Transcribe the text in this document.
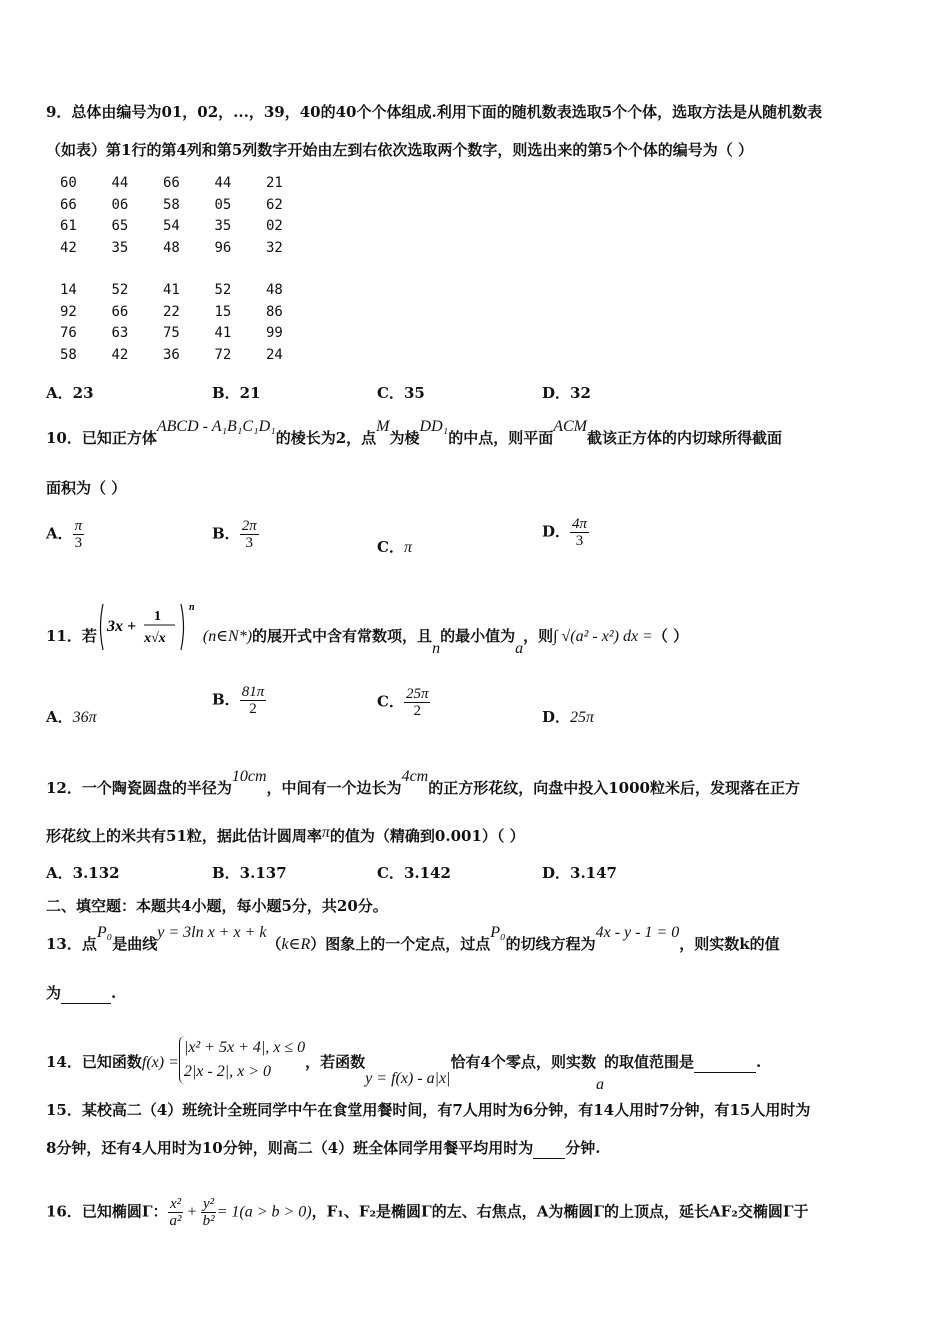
9．总体由编号为01，02，...，39，40的40个个体组成.利用下面的随机数表选取5个个体，选取方法是从随机数表
（如表）第1行的第4列和第5列数字开始由左到右依次选取两个数字，则选出来的第5个个体的编号为（ ）
60 44 66 44 21
66 06 58 05 62
61 65 54 35 02
42 35 48 96 32
14 52 41 52 48
92 66 22 15 86
76 63 75 41 99
58 42 36 72 24
A．23	B．21	C．35	D．32
10．已知正方体ABCD - A₁B₁C₁D₁的棱长为2，点M为棱DD₁的中点，则平面ACM截该正方体的内切球所得截面
面积为（ ）
A． $\frac{\pi}{3}$	B． $\frac{2\pi}{3}$	C．π
D． $\frac{4\pi}{3}$
11．若
3x +
1
x√x
n
(n∈N*)的展开式中含有常数项，且n的最小值为a，则∫ √(a² - x²) dx =（ ）
A．36π
B． $\frac{81\pi}{2}$	C． $\frac{25\pi}{2}$	D．25π
12．一个陶瓷圆盘的半径为10cm，中间有一个边长为4cm的正方形花纹，向盘中投入1000粒米后，发现落在正方
形花纹上的米共有51粒，据此估计圆周率π的值为（精确到0.001）（ ）
A．3.132	B．3.137	C．3.142	D．3.147
二、填空题：本题共4小题，每小题5分，共20分。
13．点P₀是曲线y = 3ln x + x + k（k∈R）图象上的一个定点，过点P₀的切线方程为4x - y - 1 = 0，则实数k的值
为	.
14．已知函数f(x) =
|x² + 5x + 4|, x ≤ 0
2|x - 2|, x > 0
，若函数y = f(x) - a|x|恰有4个零点，则实数a的取值范围是	.
15．某校高二（4）班统计全班同学中午在食堂用餐时间，有7人用时为6分钟，有14人用时7分钟，有15人用时为
8分钟，还有4人用时为10分钟，则高二（4）班全体同学用餐平均用时为 分钟.
16．已知椭圆Γ： $\frac{\text{x²}}{\text{a²}} + \frac{\text{y²}}{\text{b²}} = 1(a > b > 0)$，F₁、F₂是椭圆Γ的左、右焦点，A为椭圆Γ的上顶点，延长AF₂交椭圆Γ于
